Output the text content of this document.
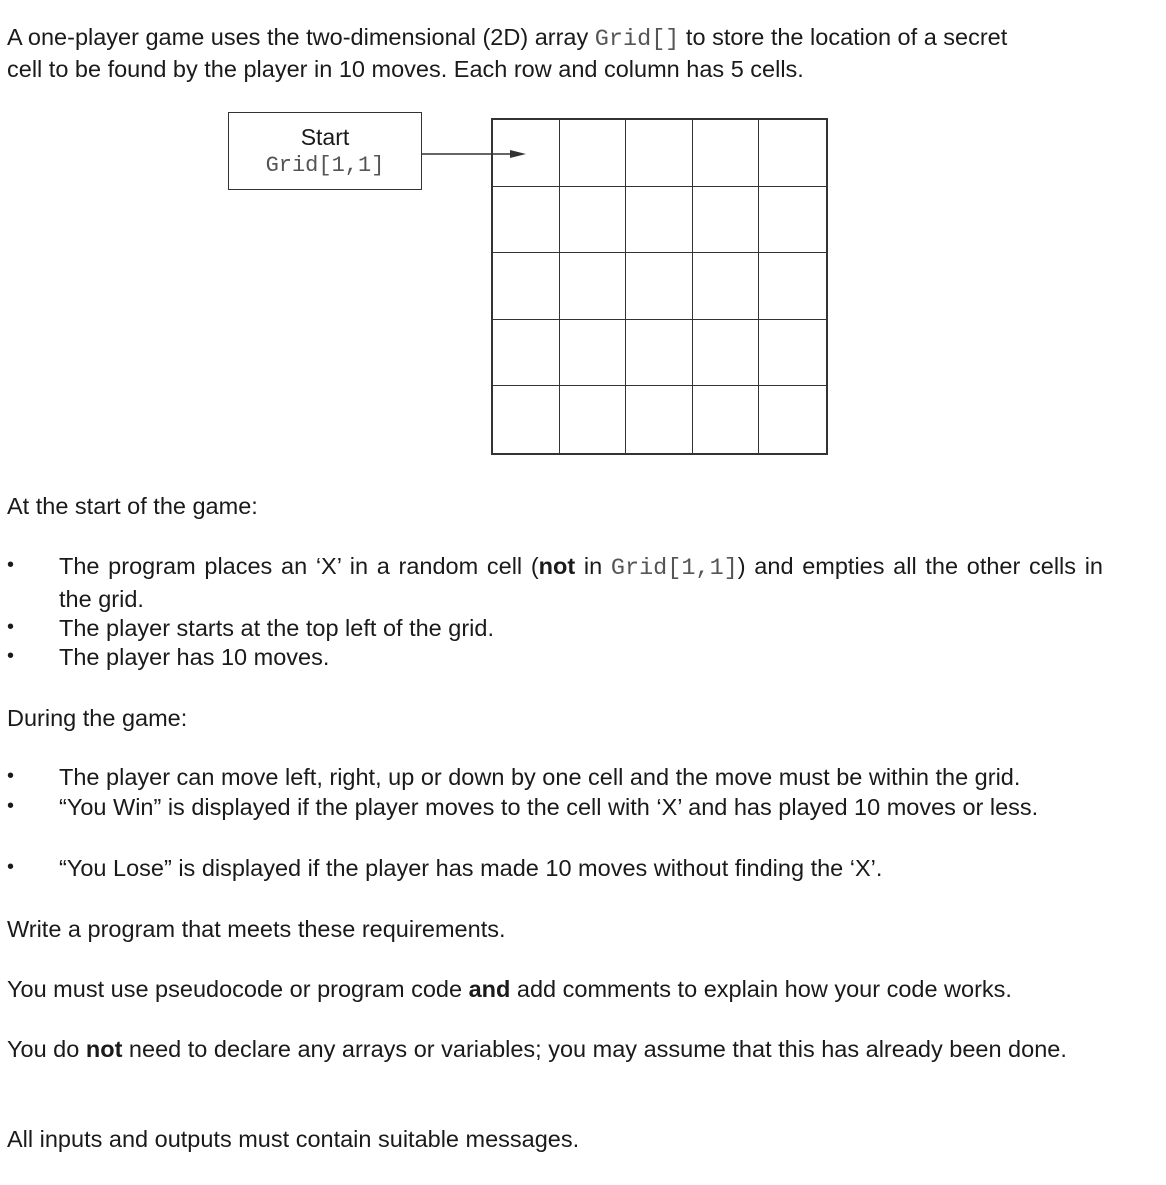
A one-player game uses the two-dimensional (2D) array Grid[] to store the location of a secret

cell to be found by the player in 10 moves. Each row and column has 5 cells.

Start
Grid[1,1]

At the start of the game:

• The program places an ‘X’ in a random cell (not in Grid[1,1]) and empties all the other cells in the grid.

• The player starts at the top left of the grid.

• The player has 10 moves.

During the game:

• The player can move left, right, up or down by one cell and the move must be within the grid.

• “You Win” is displayed if the player moves to the cell with ‘X’ and has played 10 moves or less.

• “You Lose” is displayed if the player has made 10 moves without finding the ‘X’.

Write a program that meets these requirements.

You must use pseudocode or program code and add comments to explain how your code works.

You do not need to declare any arrays or variables; you may assume that this has already been done.

All inputs and outputs must contain suitable messages.
